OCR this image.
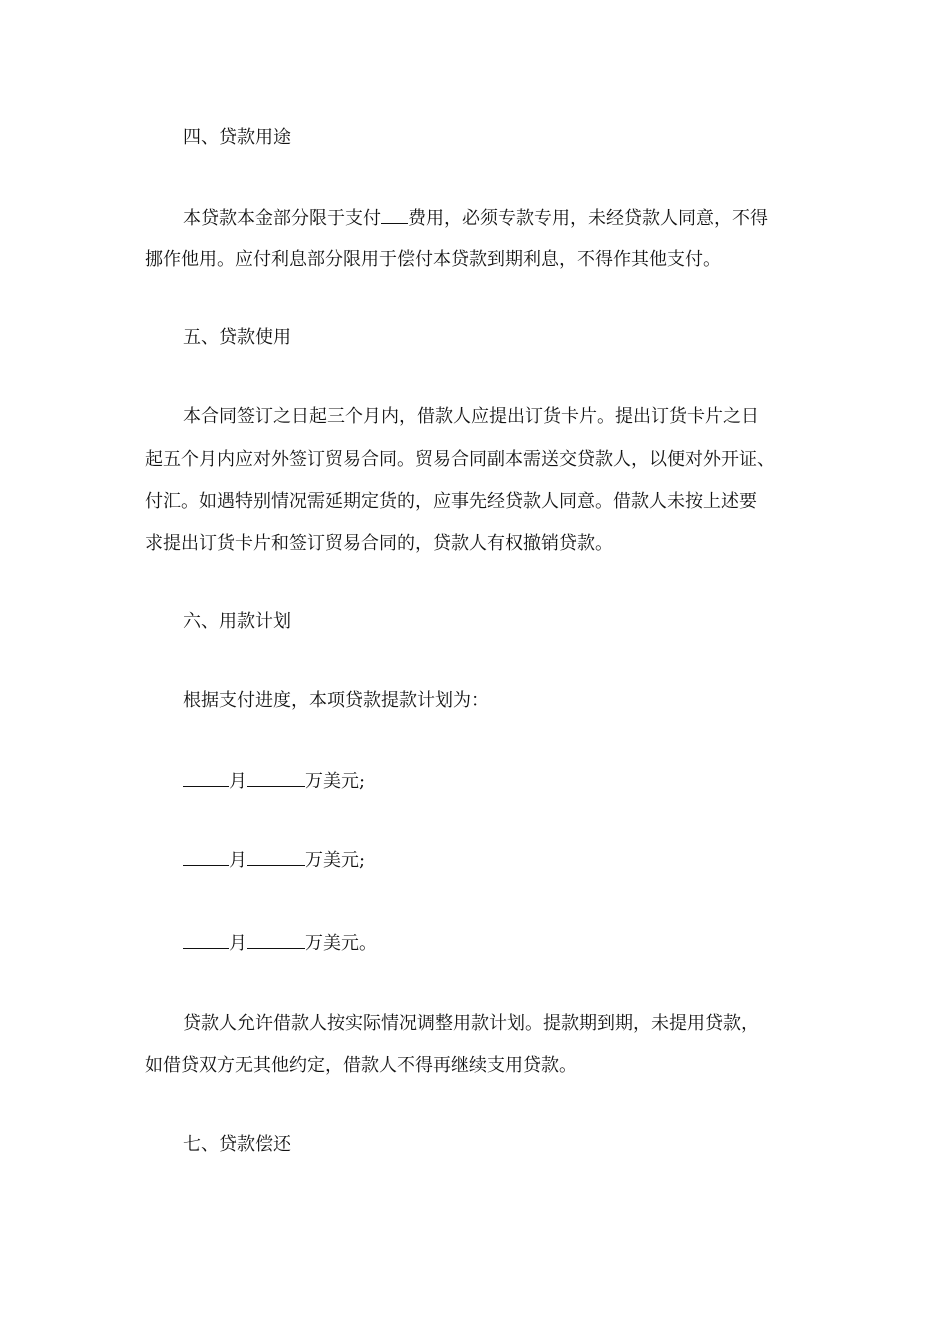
四、贷款用途
本贷款本金部分限于支付 费用，必须专款专用，未经贷款人同意，不得
挪作他用。应付利息部分限用于偿付本贷款到期利息，不得作其他支付。
五、贷款使用
本合同签订之日起三个月内，借款人应提出订货卡片。提出订货卡片之日
起五个月内应对外签订贸易合同。贸易合同副本需送交贷款人，以便对外开证、
付汇。如遇特别情况需延期定货的，应事先经贷款人同意。借款人未按上述要
求提出订货卡片和签订贸易合同的，贷款人有权撤销贷款。
六、用款计划
根据支付进度，本项贷款提款计划为：
月	万美元;
月	万美元;
月	万美元。
贷款人允许借款人按实际情况调整用款计划。提款期到期，未提用贷款，
如借贷双方无其他约定，借款人不得再继续支用贷款。
七、贷款偿还
